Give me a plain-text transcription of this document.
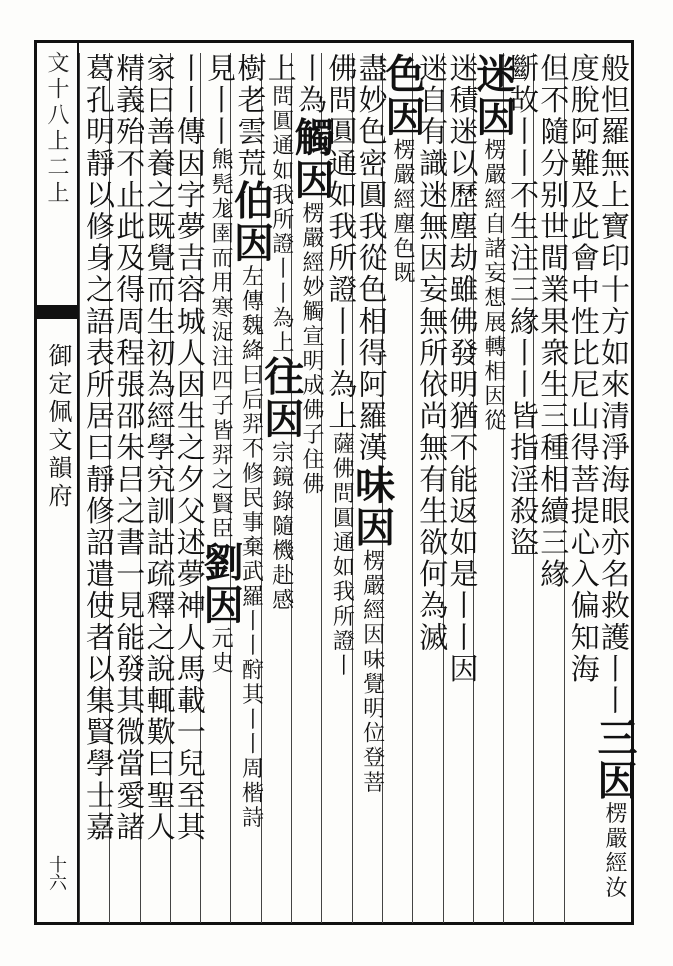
文十八上二上
御定佩文韻府
十六
般怛羅無上寶印十方如來清淨海眼亦名救護丨丨三因楞嚴經汝
度脫阿難及此會中性比尼山得菩提心入偏知海
但不隨分别世間業果衆生三種相續三緣
斷故丨丨不生注三緣丨丨皆指淫殺盜
迷因楞嚴經自諸妄想展轉相因從
迷積迷以歷塵劫雖佛發明猶不能返如是丨丨因
迷自有識迷無因妄無所依尚無有生欲何為滅
色因楞嚴經塵色既
盡妙色密圓我從色相得阿羅漢味因楞嚴經因味覺明位登菩
佛問圓通如我所證丨丨為上薩佛問圓通如我所證丨
丨為觸因楞嚴經妙觸宣明成佛子住佛
上問圓通如我所證丨丨為上往因宗鏡錄隨機赴感
樹老雲荒伯因左傳魏絳曰后羿不修民事棄武羅丨丨酧其丨丨周楷詩
見丨丨熊髡尨圉而用寒浞注四子皆羿之賢臣劉因元史
丨丨傳因字夢吉容城人因生之夕父述夢神人馬載一兒至其
家曰善養之既覺而生初為經學究訓詁疏釋之說輒歎曰聖人
精義殆不止此及得周程張邵朱吕之書一見能發其微當愛諸
葛孔明靜以修身之語表所居曰靜修詔遣使者以集賢學士嘉
